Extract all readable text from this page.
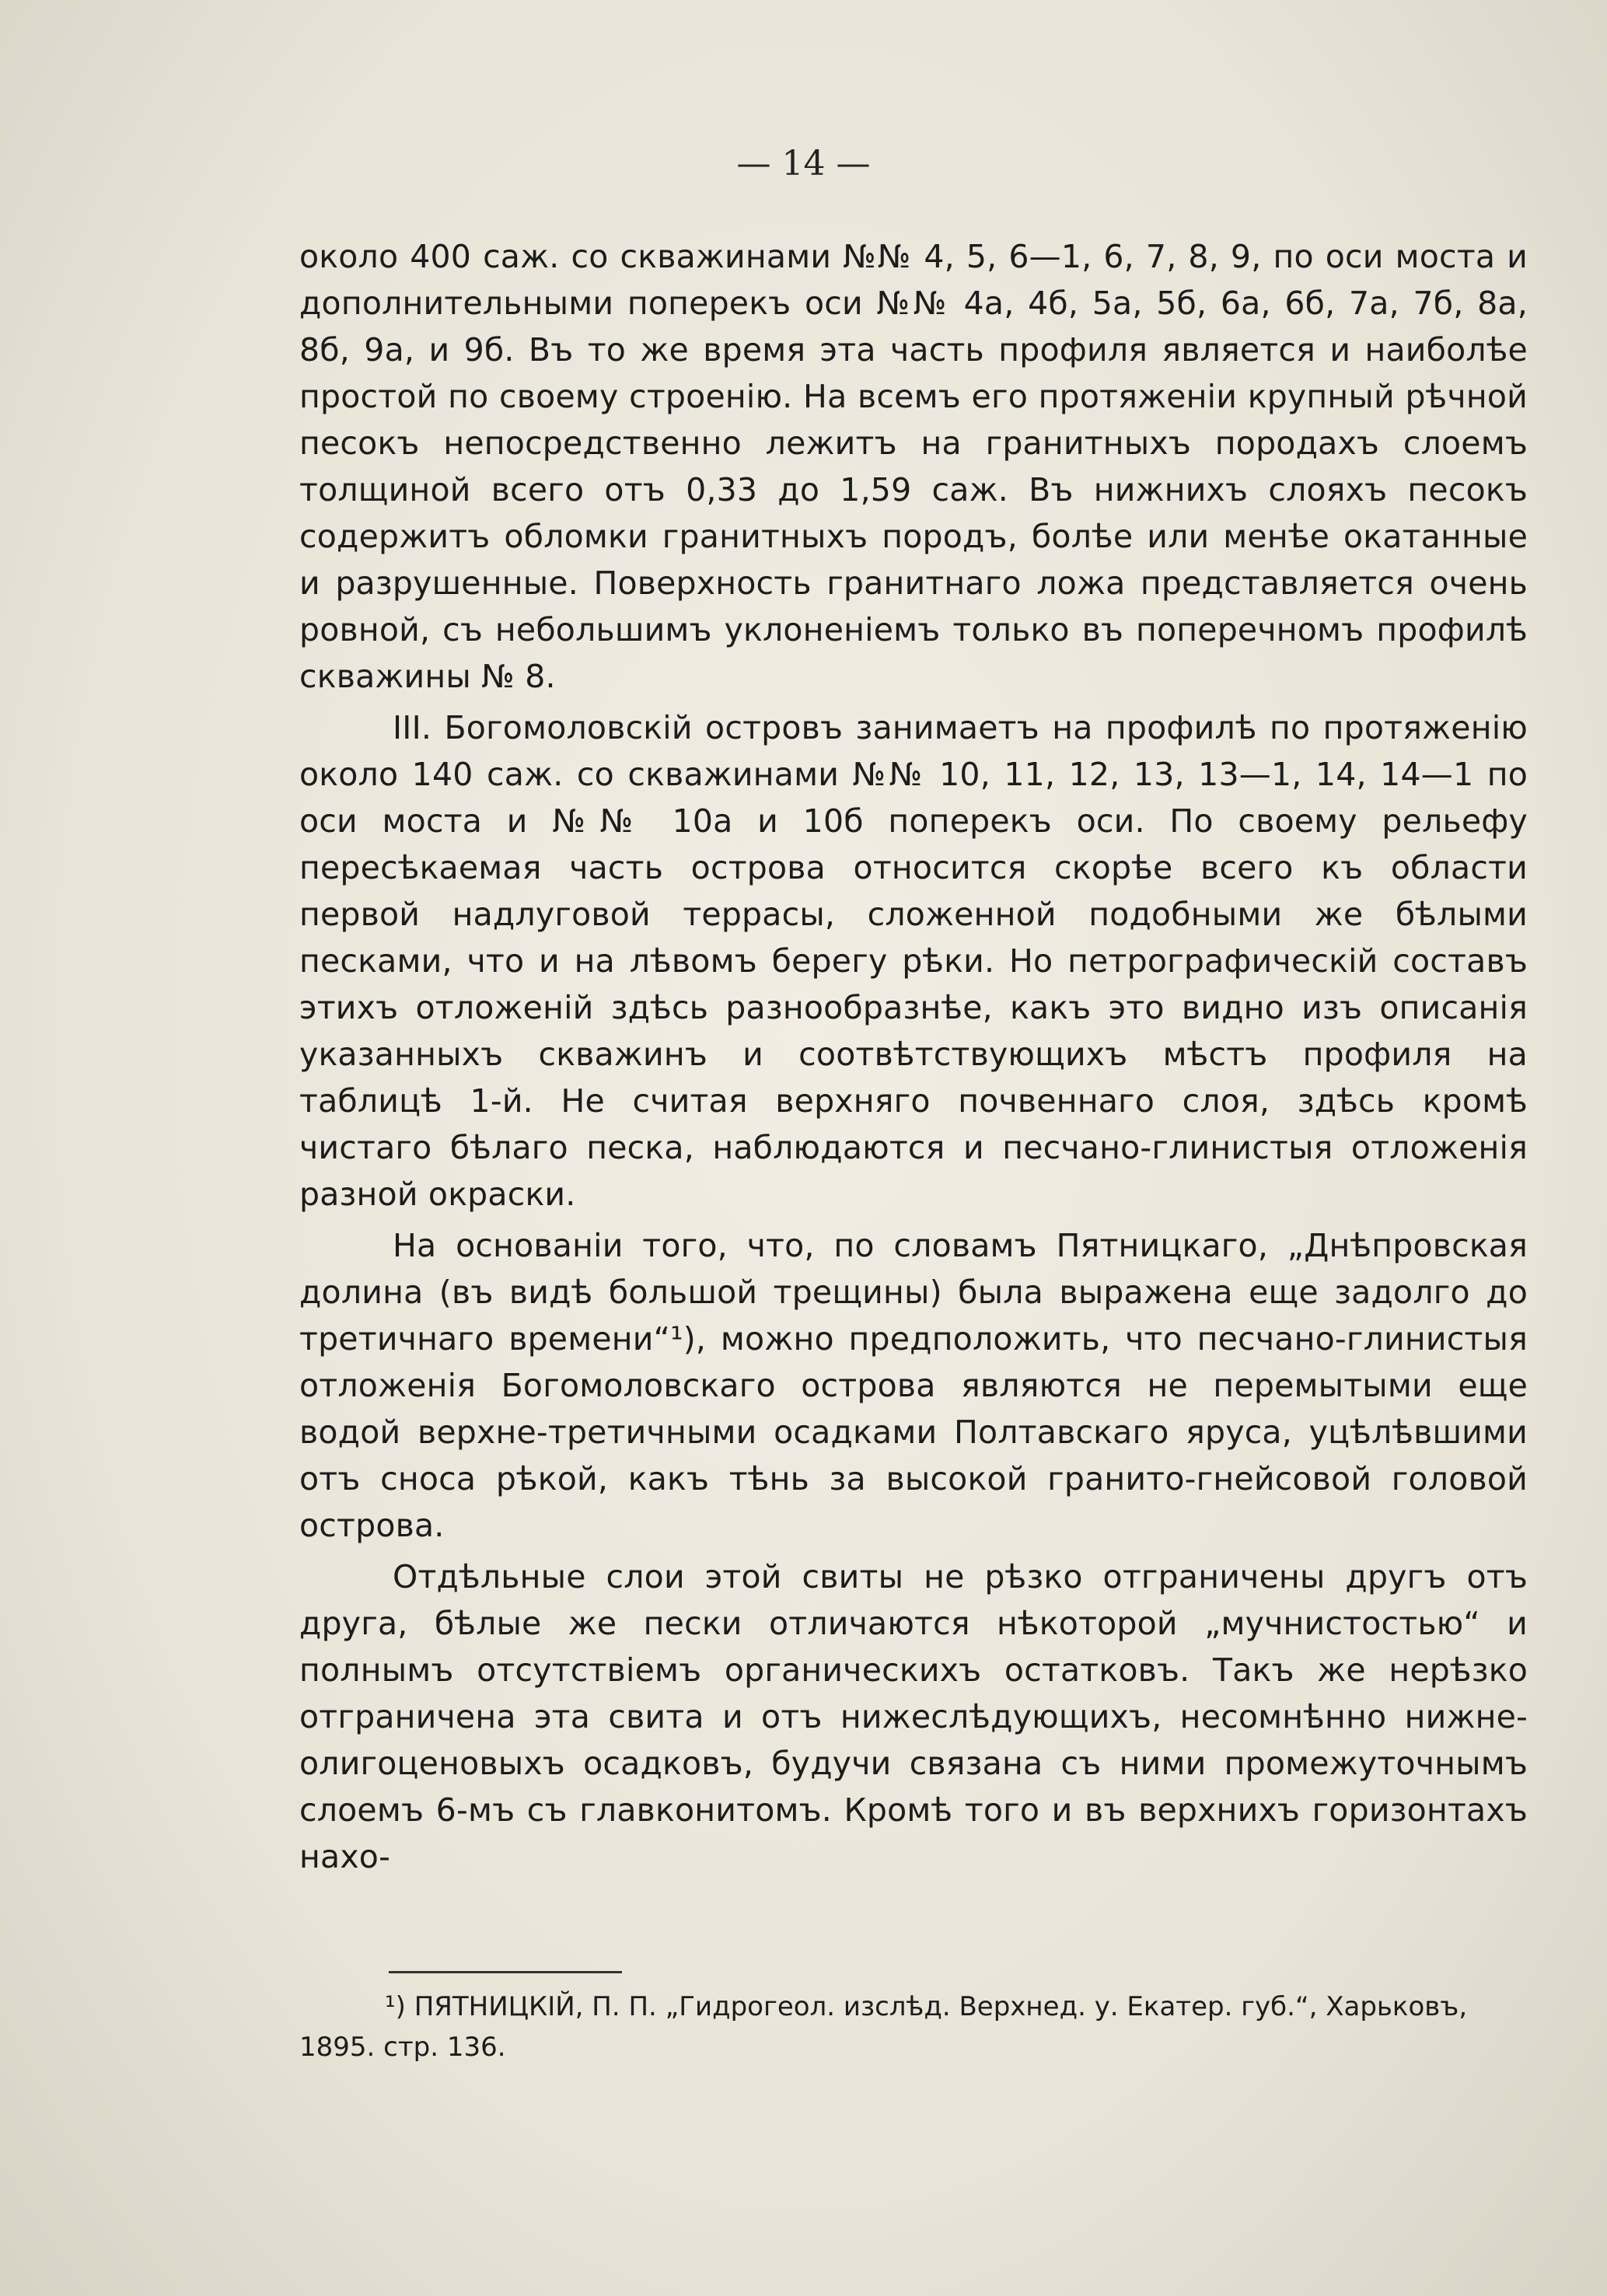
— 14 —

около 400 саж. со скважинами №№ 4, 5, 6—1, 6, 7, 8, 9, по оси моста и дополнительными поперекъ оси №№ 4а, 4б, 5а, 5б, 6а, 6б, 7а, 7б, 8а, 8б, 9а, и 9б. Въ то же время эта часть профиля является и наиболѣе простой по своему строенію. На всемъ его протяженіи крупный рѣчной песокъ непосредственно лежитъ на гранитныхъ породахъ слоемъ толщиной всего отъ 0,33 до 1,59 саж. Въ нижнихъ слояхъ песокъ содержитъ обломки гранитныхъ породъ, болѣе или менѣе окатанные и разрушенные. Поверхность гранитнаго ложа представляется очень ровной, съ небольшимъ уклоненіемъ только въ поперечномъ профилѣ скважины № 8.

III. Богомоловскій островъ занимаетъ на профилѣ по протяженію около 140 саж. со скважинами №№ 10, 11, 12, 13, 13—1, 14, 14—1 по оси моста и №№ 10а и 10б поперекъ оси. По своему рельефу пересѣкаемая часть острова относится скорѣе всего къ области первой надлуговой террасы, сложенной подобными же бѣлыми песками, что и на лѣвомъ берегу рѣки. Но петрографическій составъ этихъ отложеній здѣсь разнообразнѣе, какъ это видно изъ описанія указанныхъ скважинъ и соотвѣтствующихъ мѣстъ профиля на таблицѣ 1-й. Не считая верхняго почвеннаго слоя, здѣсь кромѣ чистаго бѣлаго песка, наблюдаются и песчано-глинистыя отложенія разной окраски.

На основаніи того, что, по словамъ Пятницкаго, „Днѣпровская долина (въ видѣ большой трещины) была выражена еще задолго до третичнаго времени“¹), можно предположить, что песчано-глинистыя отложенія Богомоловскаго острова являются не перемытыми еще водой верхне-третичными осадками Полтавскаго яруса, уцѣлѣвшими отъ сноса рѣкой, какъ тѣнь за высокой гранито-гнейсовой головой острова.

Отдѣльные слои этой свиты не рѣзко отграничены другъ отъ друга, бѣлые же пески отличаются нѣкоторой „мучнистостью“ и полнымъ отсутствіемъ органическихъ остатковъ. Такъ же нерѣзко отграничена эта свита и отъ нижеслѣдующихъ, несомнѣнно нижне-олигоценовыхъ осадковъ, будучи связана съ ними промежуточнымъ слоемъ 6-мъ съ главконитомъ. Кромѣ того и въ верхнихъ горизонтахъ нахо-

¹) ПЯТНИЦКІЙ, П. П. „Гидрогеол. изслѣд. Верхнед. у. Екатер. губ.“, Харьковъ, 1895. стр. 136.
